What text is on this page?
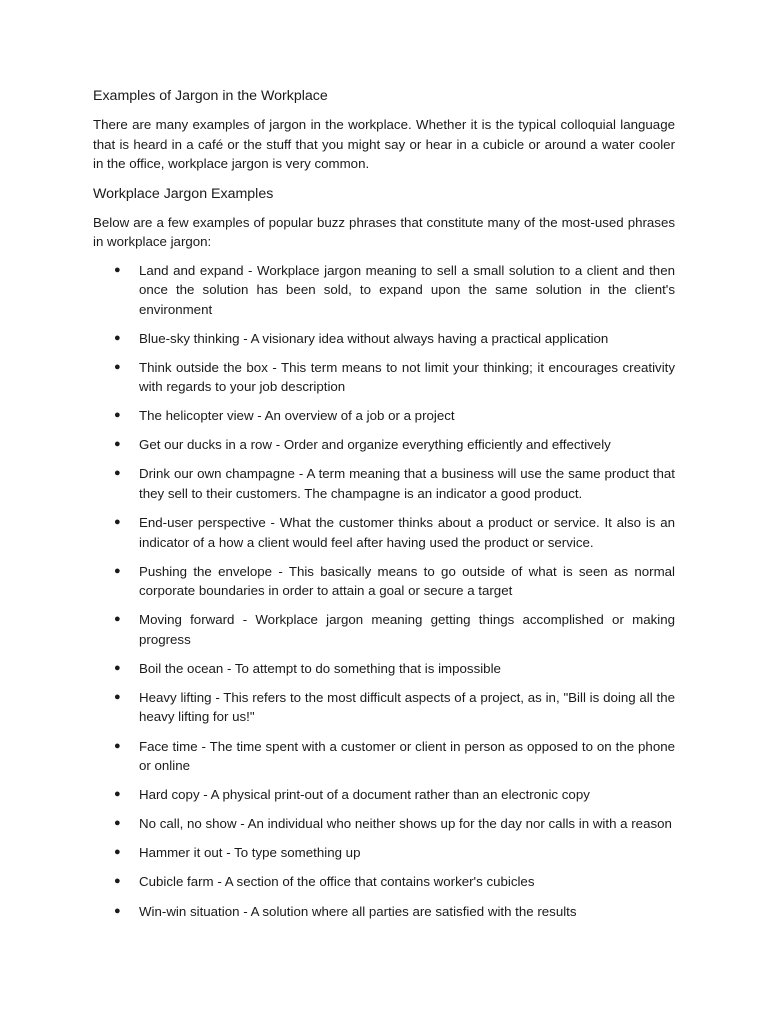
Examples of Jargon in the Workplace

There are many examples of jargon in the workplace. Whether it is the typical colloquial language that is heard in a café or the stuff that you might say or hear in a cubicle or around a water cooler in the office, workplace jargon is very common.

Workplace Jargon Examples

Below are a few examples of popular buzz phrases that constitute many of the most-used phrases in workplace jargon:

● Land and expand - Workplace jargon meaning to sell a small solution to a client and then once the solution has been sold, to expand upon the same solution in the client's environment
● Blue-sky thinking - A visionary idea without always having a practical application
● Think outside the box - This term means to not limit your thinking; it encourages creativity with regards to your job description
● The helicopter view - An overview of a job or a project
● Get our ducks in a row - Order and organize everything efficiently and effectively
● Drink our own champagne - A term meaning that a business will use the same product that they sell to their customers. The champagne is an indicator a good product.
● End-user perspective - What the customer thinks about a product or service. It also is an indicator of a how a client would feel after having used the product or service.
● Pushing the envelope - This basically means to go outside of what is seen as normal corporate boundaries in order to attain a goal or secure a target
● Moving forward - Workplace jargon meaning getting things accomplished or making progress
● Boil the ocean - To attempt to do something that is impossible
● Heavy lifting - This refers to the most difficult aspects of a project, as in, "Bill is doing all the heavy lifting for us!"
● Face time - The time spent with a customer or client in person as opposed to on the phone or online
● Hard copy - A physical print-out of a document rather than an electronic copy
● No call, no show - An individual who neither shows up for the day nor calls in with a reason
● Hammer it out - To type something up
● Cubicle farm - A section of the office that contains worker's cubicles
● Win-win situation - A solution where all parties are satisfied with the results
